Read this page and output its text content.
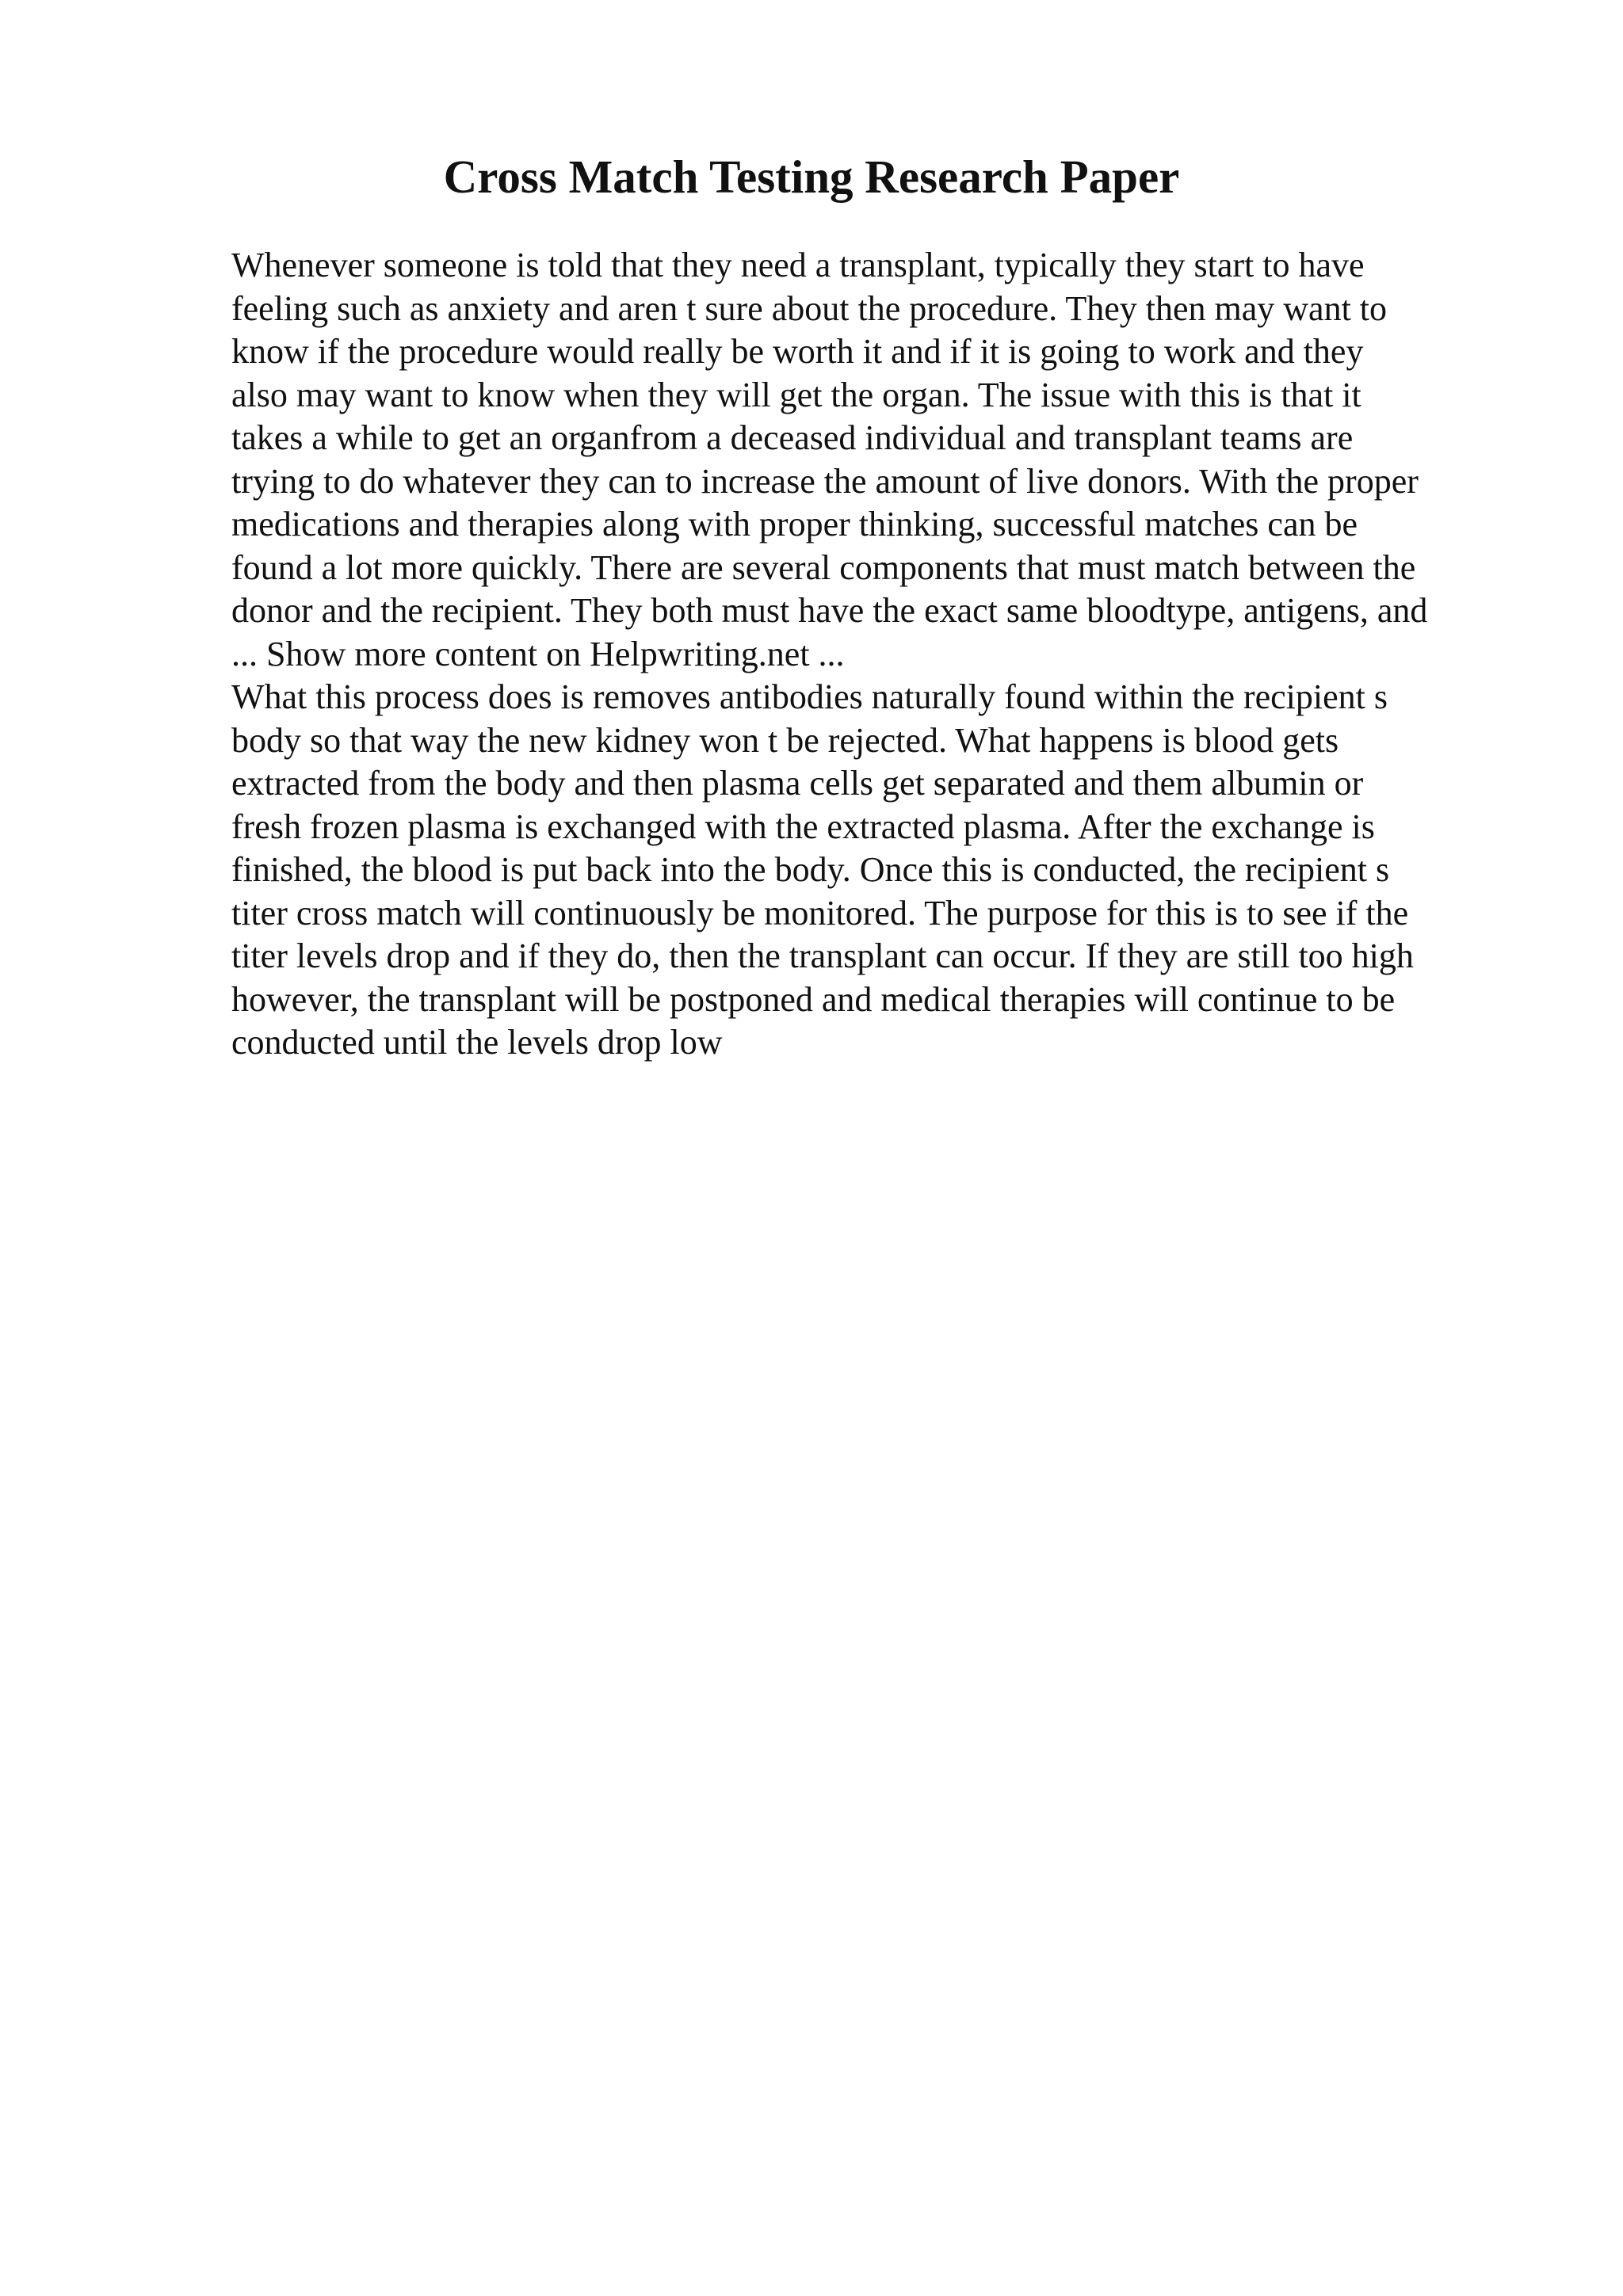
Cross Match Testing Research Paper
Whenever someone is told that they need a transplant, typically they start to have
feeling such as anxiety and aren t sure about the procedure. They then may want to
know if the procedure would really be worth it and if it is going to work and they
also may want to know when they will get the organ. The issue with this is that it
takes a while to get an organfrom a deceased individual and transplant teams are
trying to do whatever they can to increase the amount of live donors. With the proper
medications and therapies along with proper thinking, successful matches can be
found a lot more quickly. There are several components that must match between the
donor and the recipient. They both must have the exact same bloodtype, antigens, and
... Show more content on Helpwriting.net ...
What this process does is removes antibodies naturally found within the recipient s
body so that way the new kidney won t be rejected. What happens is blood gets
extracted from the body and then plasma cells get separated and them albumin or
fresh frozen plasma is exchanged with the extracted plasma. After the exchange is
finished, the blood is put back into the body. Once this is conducted, the recipient s
titer cross match will continuously be monitored. The purpose for this is to see if the
titer levels drop and if they do, then the transplant can occur. If they are still too high
however, the transplant will be postponed and medical therapies will continue to be
conducted until the levels drop low
